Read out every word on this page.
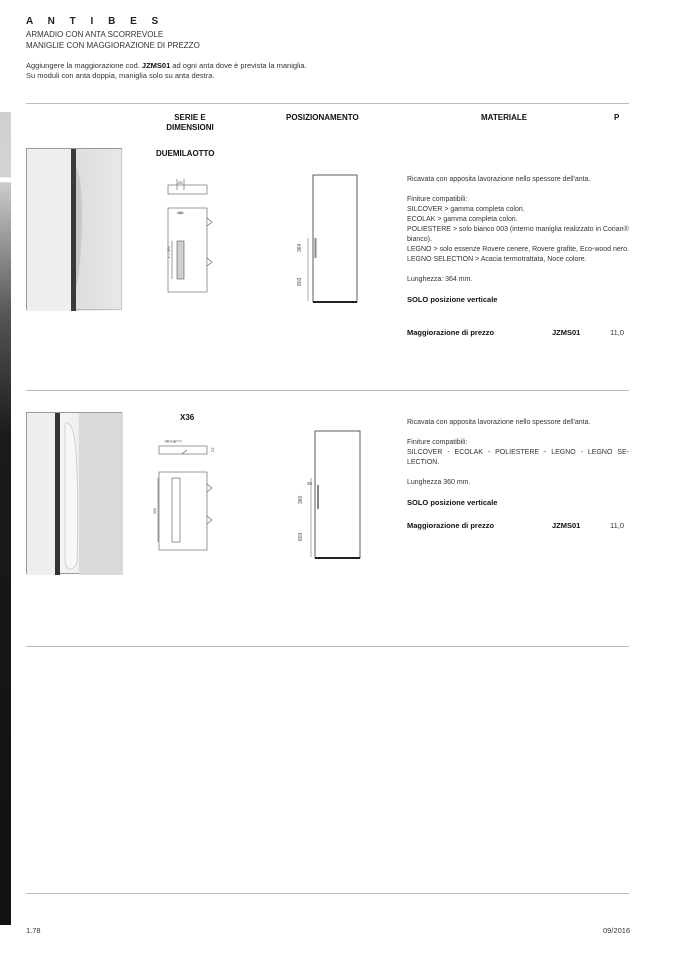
A N T I B E S
ARMADIO CON ANTA SCORREVOLE
MANIGLIE CON MAGGIORAZIONE DI PREZZO
Aggiungere la maggiorazione cod. JZMS01 ad ogni anta dove è prevista la maniglia.
Su moduli con anta doppia, maniglia solo su anta destra.
SERIE E
DIMENSIONI
POSIZIONAMENTO	MATERIALE	P
DUEMILAOTTO
25
25
L = 364	364
803

Ricavata con apposita lavorazione nello spessore dell'anta.

Finiture compatibili:

SILCOVER > gamma completa colori.

ECOLAK > gamma completa colori.

POLIESTERE > solo bianco 003 (interno maniglia realizzato in Corian® bianco).

LEGNO > solo essenze Rovere cenere, Rovere grafite, Eco-wood nero.

LEGNO SELECTION > Acacia termotrattata, Noce colore.

Lunghezza: 364 mm.

SOLO posizione verticale

Maggiorazione di prezzo	JZMS01	11,0
X36
R = 6
23
360
30
360
803

Ricavata con apposita lavorazione nello spessore dell'anta.

Finiture compatibili:

SILCOVER - ECOLAK - POLIESTERE - LEGNO - LEGNO SE-LECTION.

Lunghezza 360 mm.

SOLO posizione verticale

Maggiorazione di prezzo	JZMS01	11,0
1.78	09/2016
